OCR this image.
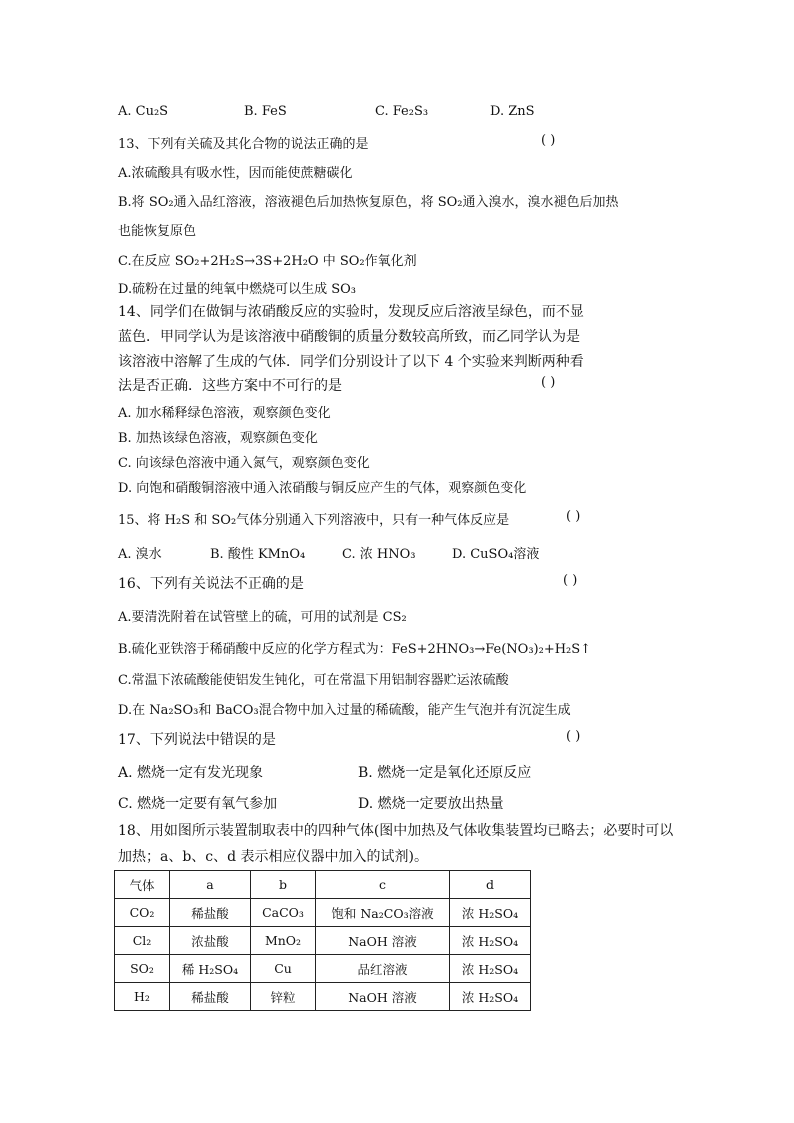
A. Cu₂S	B. FeS	C. Fe₂S₃	D. ZnS
13、下列有关硫及其化合物的说法正确的是	( )
A.浓硫酸具有吸水性，因而能使蔗糖碳化
B.将 SO₂通入品红溶液，溶液褪色后加热恢复原色，将 SO₂通入溴水，溴水褪色后加热
也能恢复原色
C.在反应 SO₂+2H₂S→3S+2H₂O 中 SO₂作氧化剂
D.硫粉在过量的纯氧中燃烧可以生成 SO₃
14、同学们在做铜与浓硝酸反应的实验时，发现反应后溶液呈绿色，而不显
蓝色．甲同学认为是该溶液中硝酸铜的质量分数较高所致，而乙同学认为是
该溶液中溶解了生成的气体．同学们分别设计了以下 4 个实验来判断两种看
法是否正确．这些方案中不可行的是	( )
A. 加水稀释绿色溶液，观察颜色变化
B. 加热该绿色溶液，观察颜色变化
C. 向该绿色溶液中通入氮气，观察颜色变化
D. 向饱和硝酸铜溶液中通入浓硝酸与铜反应产生的气体，观察颜色变化
15、将 H₂S 和 SO₂气体分别通入下列溶液中，只有一种气体反应是	( )
A. 溴水	B. 酸性 KMnO₄	C. 浓 HNO₃	D. CuSO₄溶液
16、下列有关说法不正确的是	( )
A.要清洗附着在试管壁上的硫，可用的试剂是 CS₂
B.硫化亚铁溶于稀硝酸中反应的化学方程式为：FeS+2HNO₃→Fe(NO₃)₂+H₂S↑
C.常温下浓硫酸能使铝发生钝化，可在常温下用铝制容器贮运浓硫酸
D.在 Na₂SO₃和 BaCO₃混合物中加入过量的稀硫酸，能产生气泡并有沉淀生成
17、下列说法中错误的是	( )
A. 燃烧一定有发光现象	B. 燃烧一定是氧化还原反应
C. 燃烧一定要有氧气参加	D. 燃烧一定要放出热量
18、用如图所示装置制取表中的四种气体(图中加热及气体收集装置均已略去；必要时可以
加热；a、b、c、d 表示相应仪器中加入的试剂)。
气体	a	b	c	d
CO₂	稀盐酸	CaCO₃	饱和 Na₂CO₃溶液	浓 H₂SO₄
Cl₂	浓盐酸	MnO₂	NaOH 溶液	浓 H₂SO₄
SO₂	稀 H₂SO₄	Cu	品红溶液	浓 H₂SO₄
H₂	稀盐酸	锌粒	NaOH 溶液	浓 H₂SO₄
